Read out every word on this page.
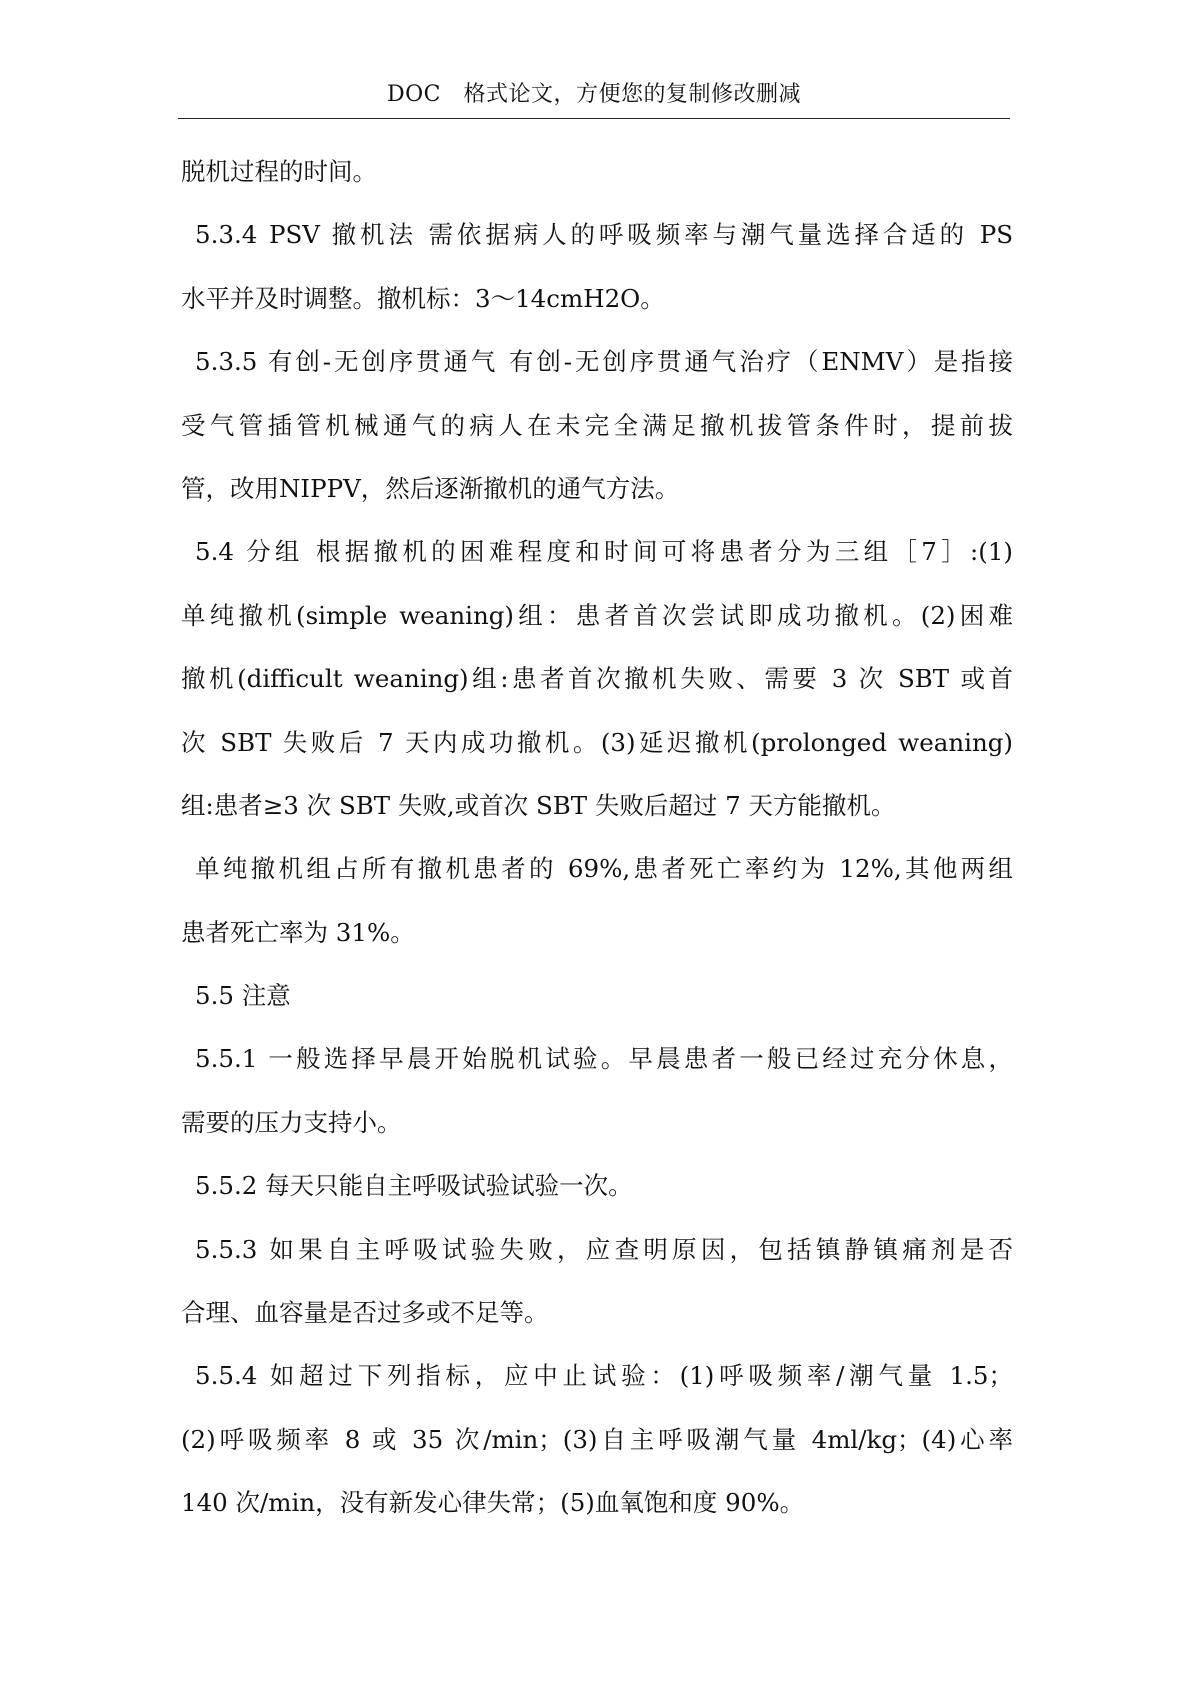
DOC　格式论文，方便您的复制修改删减
脱机过程的时间。
5.3.4 PSV 撤机法 需依据病人的呼吸频率与潮气量选择合适的 PS
水平并及时调整。撤机标：3～14cmH2O。
5.3.5 有创-无创序贯通气 有创-无创序贯通气治疗（ENMV）是指接
受气管插管机械通气的病人在未完全满足撤机拔管条件时，提前拔
管，改用NIPPV，然后逐渐撤机的通气方法。
5.4 分组 根据撤机的困难程度和时间可将患者分为三组［7］:(1)
单纯撤机(simple weaning)组：患者首次尝试即成功撤机。(2)困难
撤机(difficult weaning)组:患者首次撤机失败、需要 3 次 SBT 或首
次 SBT 失败后 7 天内成功撤机。(3)延迟撤机(prolonged weaning)
组:患者≥3 次 SBT 失败,或首次 SBT 失败后超过 7 天方能撤机。
单纯撤机组占所有撤机患者的 69%,患者死亡率约为 12%,其他两组
患者死亡率为 31%。
5.5 注意
5.5.1 一般选择早晨开始脱机试验。早晨患者一般已经过充分休息，
需要的压力支持小。
5.5.2 每天只能自主呼吸试验试验一次。
5.5.3 如果自主呼吸试验失败，应查明原因，包括镇静镇痛剂是否
合理、血容量是否过多或不足等。
5.5.4 如超过下列指标，应中止试验：(1)呼吸频率/潮气量 1.5；
(2)呼吸频率 8 或 35 次/min；(3)自主呼吸潮气量 4ml/kg；(4)心率
140 次/min，没有新发心律失常；(5)血氧饱和度 90%。
